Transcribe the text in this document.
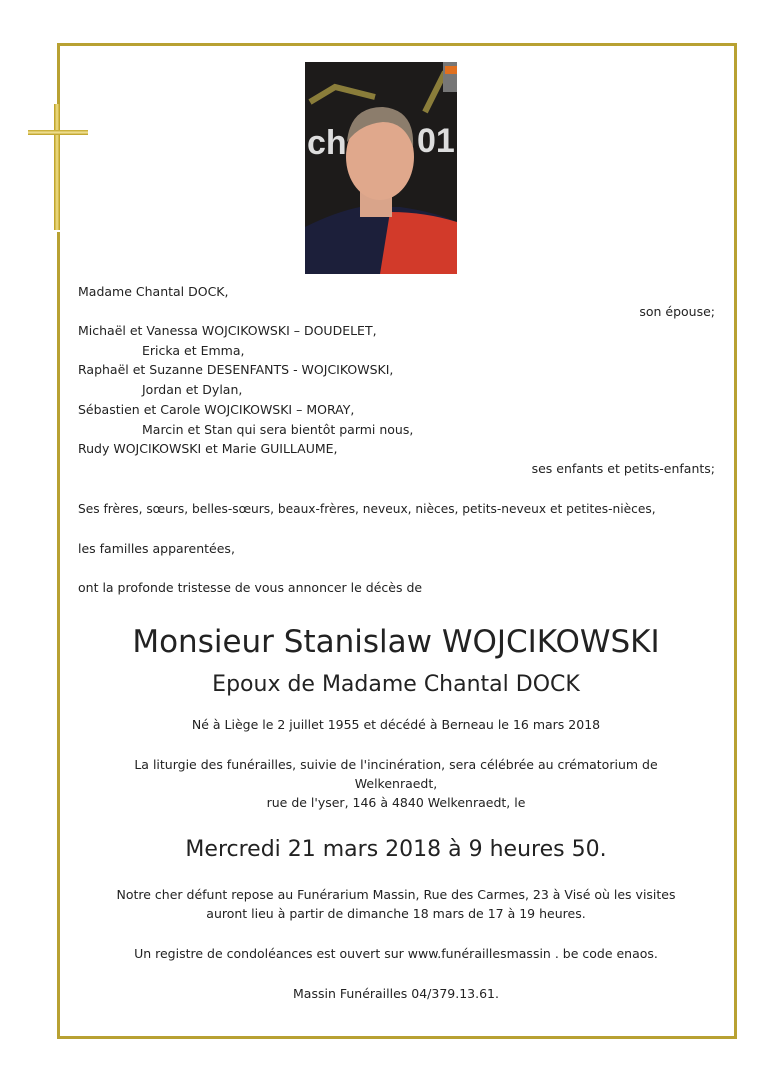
ch 01
Madame Chantal DOCK,
son épouse;
Michaël et Vanessa WOJCIKOWSKI – DOUDELET,
Ericka et Emma,
Raphaël et Suzanne DESENFANTS - WOJCIKOWSKI,
Jordan et Dylan,
Sébastien et Carole WOJCIKOWSKI – MORAY,
Marcin et Stan qui sera bientôt parmi nous,
Rudy WOJCIKOWSKI et Marie GUILLAUME,
ses enfants et petits-enfants;
Ses frères, sœurs, belles-sœurs, beaux-frères, neveux, nièces, petits-neveux et petites-nièces,
les familles apparentées,
ont la profonde tristesse de vous annoncer le décès de
Monsieur Stanislaw WOJCIKOWSKI
Epoux de Madame Chantal DOCK
Né à Liège le 2 juillet 1955 et décédé à Berneau le 16 mars 2018
La liturgie des funérailles, suivie de l'incinération, sera célébrée au crématorium de
Welkenraedt,
rue de l'yser, 146 à 4840 Welkenraedt, le
Mercredi 21 mars 2018 à 9 heures 50.
Notre cher défunt repose au Funérarium Massin, Rue des Carmes, 23 à Visé où les visites
auront lieu à partir de dimanche 18 mars de 17 à 19 heures.
Un registre de condoléances est ouvert sur www.funéraillesmassin . be code enaos.
Massin Funérailles 04/379.13.61.
